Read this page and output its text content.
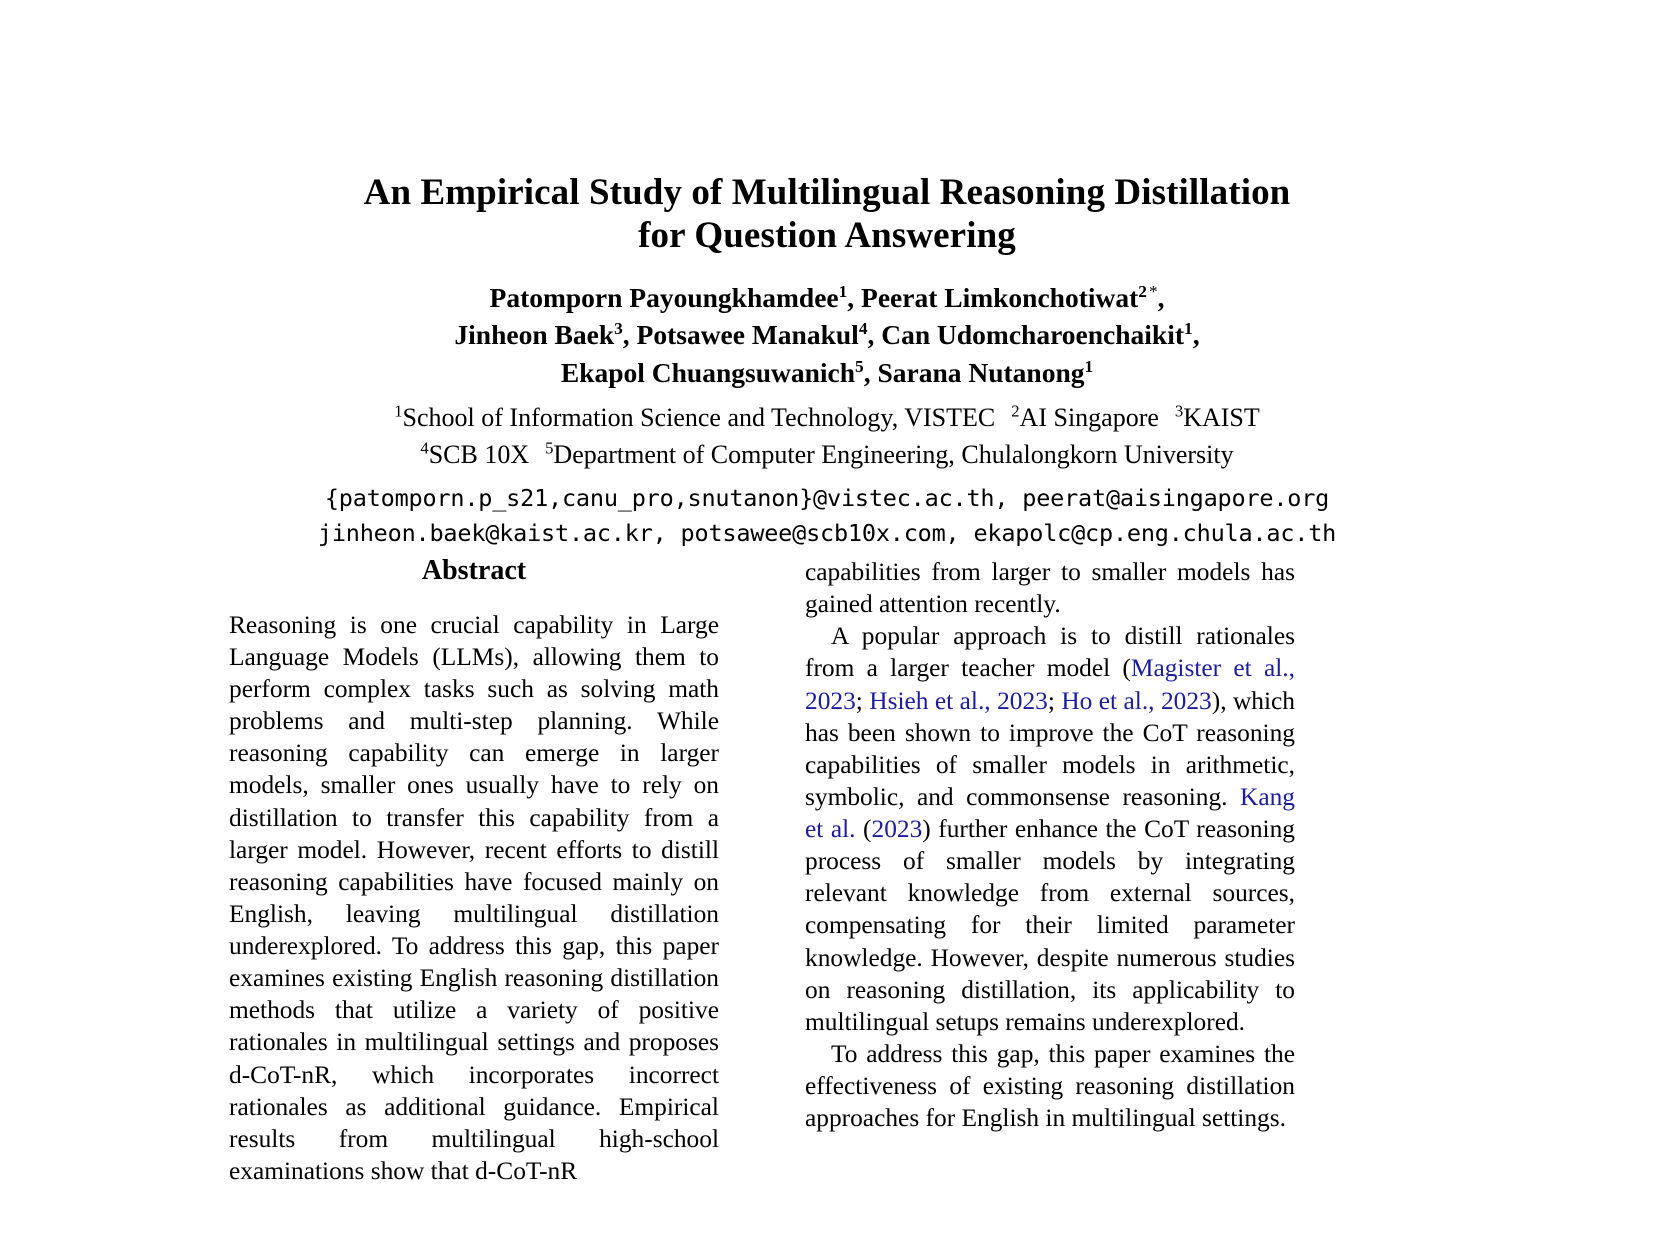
An Empirical Study of Multilingual Reasoning Distillation
for Question Answering
Patomporn Payoungkhamdee$^1$, Peerat Limkonchotiwat$^2$ *,
Jinheon Baek$^3$, Potsawee Manakul$^4$, Can Udomcharoenchaikit$^1$,
Ekapol Chuangsuwanich$^5$, Sarana Nutanong$^1$
$^1$School of Information Science and Technology, VISTEC $^2$AI Singapore $^3$KAIST
$^4$SCB 10X $^5$Department of Computer Engineering, Chulalongkorn University
{patomporn.p_s21,canu_pro,snutanon}@vistec.ac.th, peerat@aisingapore.org
jinheon.baek@kaist.ac.kr, potsawee@scb10x.com, ekapolc@cp.eng.chula.ac.th
Abstract

Reasoning is one crucial capability in Large Language Models (LLMs), allowing them to perform complex tasks such as solving math problems and multi-step planning. While reasoning capability can emerge in larger models, smaller ones usually have to rely on distillation to transfer this capability from a larger model. However, recent efforts to distill reasoning capabilities have focused mainly on English, leaving multilingual distillation underexplored. To address this gap, this paper examines existing English reasoning distillation methods that utilize a variety of positive rationales in multilingual settings and proposes d-CoT-nR, which incorporates incorrect rationales as additional guidance. Empirical results from multilingual high-school examinations show that d-CoT-nR

capabilities from larger to smaller models has gained attention recently.

A popular approach is to distill rationales from a larger teacher model (Magister et al., 2023; Hsieh et al., 2023; Ho et al., 2023), which has been shown to improve the CoT reasoning capabilities of smaller models in arithmetic, symbolic, and commonsense reasoning. Kang et al. (2023) further enhance the CoT reasoning process of smaller models by integrating relevant knowledge from external sources, compensating for their limited parameter knowledge. However, despite numerous studies on reasoning distillation, its applicability to multilingual setups remains underexplored.

To address this gap, this paper examines the effectiveness of existing reasoning distillation approaches for English in multilingual settings.
